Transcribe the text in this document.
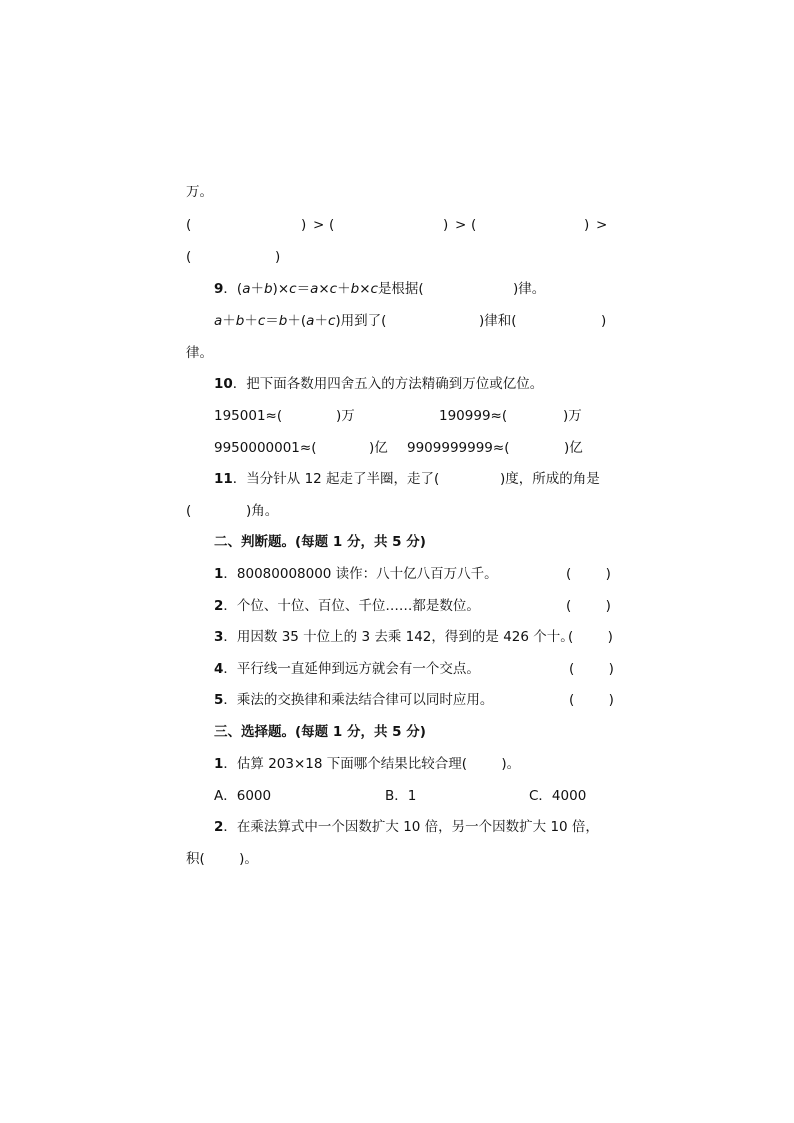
万。
(	) > (	) > (	) >
(	)
9．(a＋b)×c＝a×c＋b×c是根据(	)律。
a＋b＋c＝b＋(a＋c)用到了(	)律和(	)
律。
10．把下面各数用四舍五入的方法精确到万位或亿位。
195001≈(	)万	190999≈(	)万
9950000001≈(	)亿 9909999999≈(	)亿
11．当分针从 12 起走了半圈，走了(	)度，所成的角是
(	)角。
二、判断题。(每题 1 分，共 5 分)
1．80080008000 读作：八十亿八百万八千。	(        )
2．个位、十位、百位、千位……都是数位。	(        )
3．用因数 35 十位上的 3 去乘 142，得到的是 426 个十。
(        )
4．平行线一直延伸到远方就会有一个交点。	(        )
5．乘法的交换律和乘法结合律可以同时应用。	(        )
三、选择题。(每题 1 分，共 5 分)
1．估算 203×18 下面哪个结果比较合理(        )。
A．6000	B．1	C．4000
2．在乘法算式中一个因数扩大 10 倍，另一个因数扩大 10 倍，
积(        )。
